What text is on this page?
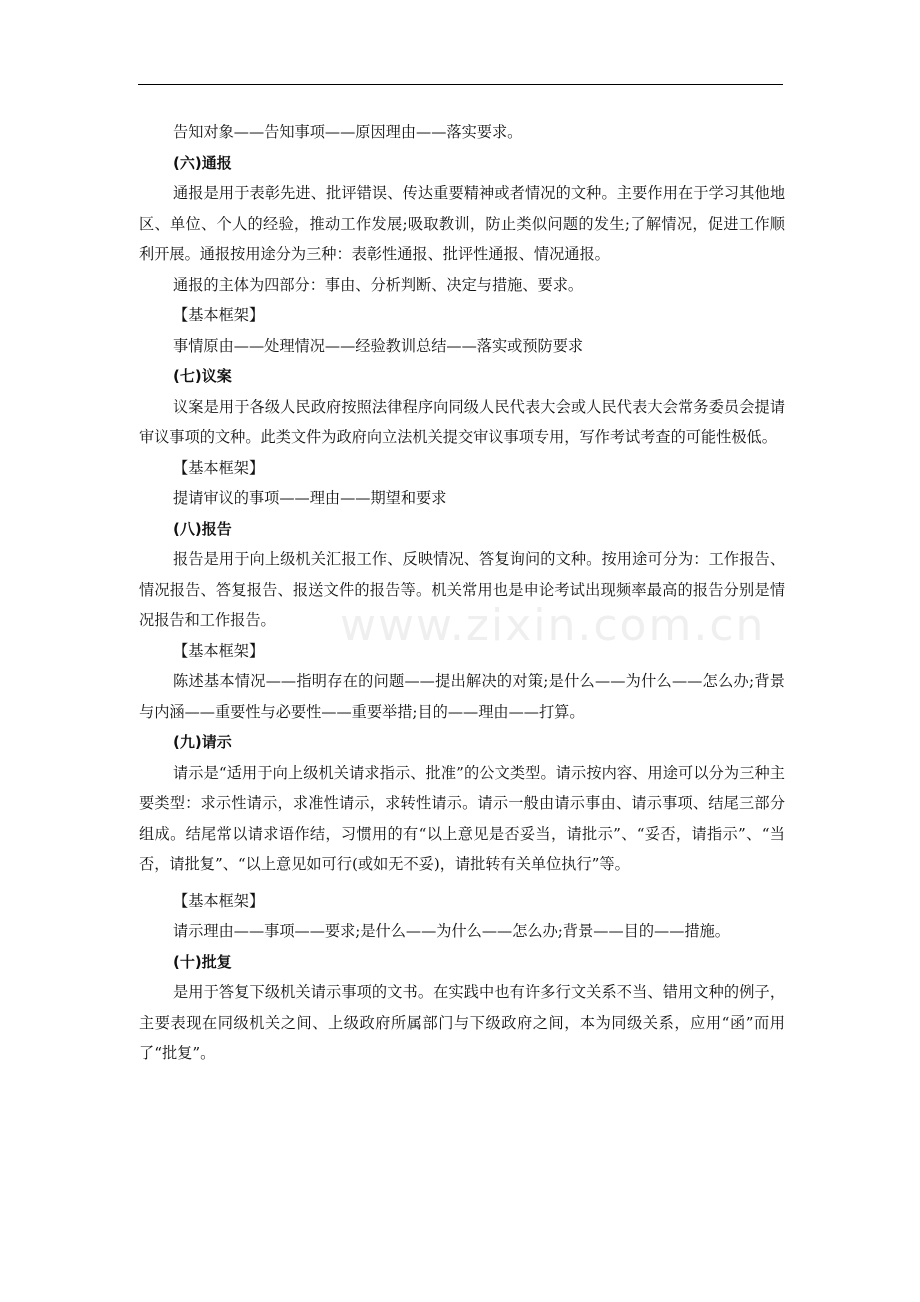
www.zixin.com.cn

告知对象——告知事项——原因理由——落实要求。

(六)通报

通报是用于表彰先进、批评错误、传达重要精神或者情况的文种。主要作用在于学习其他地区、单位、个人的经验，推动工作发展;吸取教训，防止类似问题的发生;了解情况，促进工作顺利开展。通报按用途分为三种：表彰性通报、批评性通报、情况通报。

通报的主体为四部分：事由、分析判断、决定与措施、要求。

【基本框架】

事情原由——处理情况——经验教训总结——落实或预防要求

(七)议案

议案是用于各级人民政府按照法律程序向同级人民代表大会或人民代表大会常务委员会提请审议事项的文种。此类文件为政府向立法机关提交审议事项专用，写作考试考查的可能性极低。

【基本框架】

提请审议的事项——理由——期望和要求

(八)报告

报告是用于向上级机关汇报工作、反映情况、答复询问的文种。按用途可分为：工作报告、情况报告、答复报告、报送文件的报告等。机关常用也是申论考试出现频率最高的报告分别是情况报告和工作报告。

【基本框架】

陈述基本情况——指明存在的问题——提出解决的对策;是什么——为什么——怎么办;背景与内涵——重要性与必要性——重要举措;目的——理由——打算。

(九)请示

请示是“适用于向上级机关请求指示、批准”的公文类型。请示按内容、用途可以分为三种主要类型：求示性请示，求准性请示，求转性请示。请示一般由请示事由、请示事项、结尾三部分组成。结尾常以请求语作结，习惯用的有“以上意见是否妥当，请批示”、“妥否，请指示”、“当否，请批复”、“以上意见如可行(或如无不妥)，请批转有关单位执行”等。

【基本框架】

请示理由——事项——要求;是什么——为什么——怎么办;背景——目的——措施。

(十)批复

是用于答复下级机关请示事项的文书。在实践中也有许多行文关系不当、错用文种的例子，主要表现在同级机关之间、上级政府所属部门与下级政府之间，本为同级关系，应用“函”而用了“批复”。
